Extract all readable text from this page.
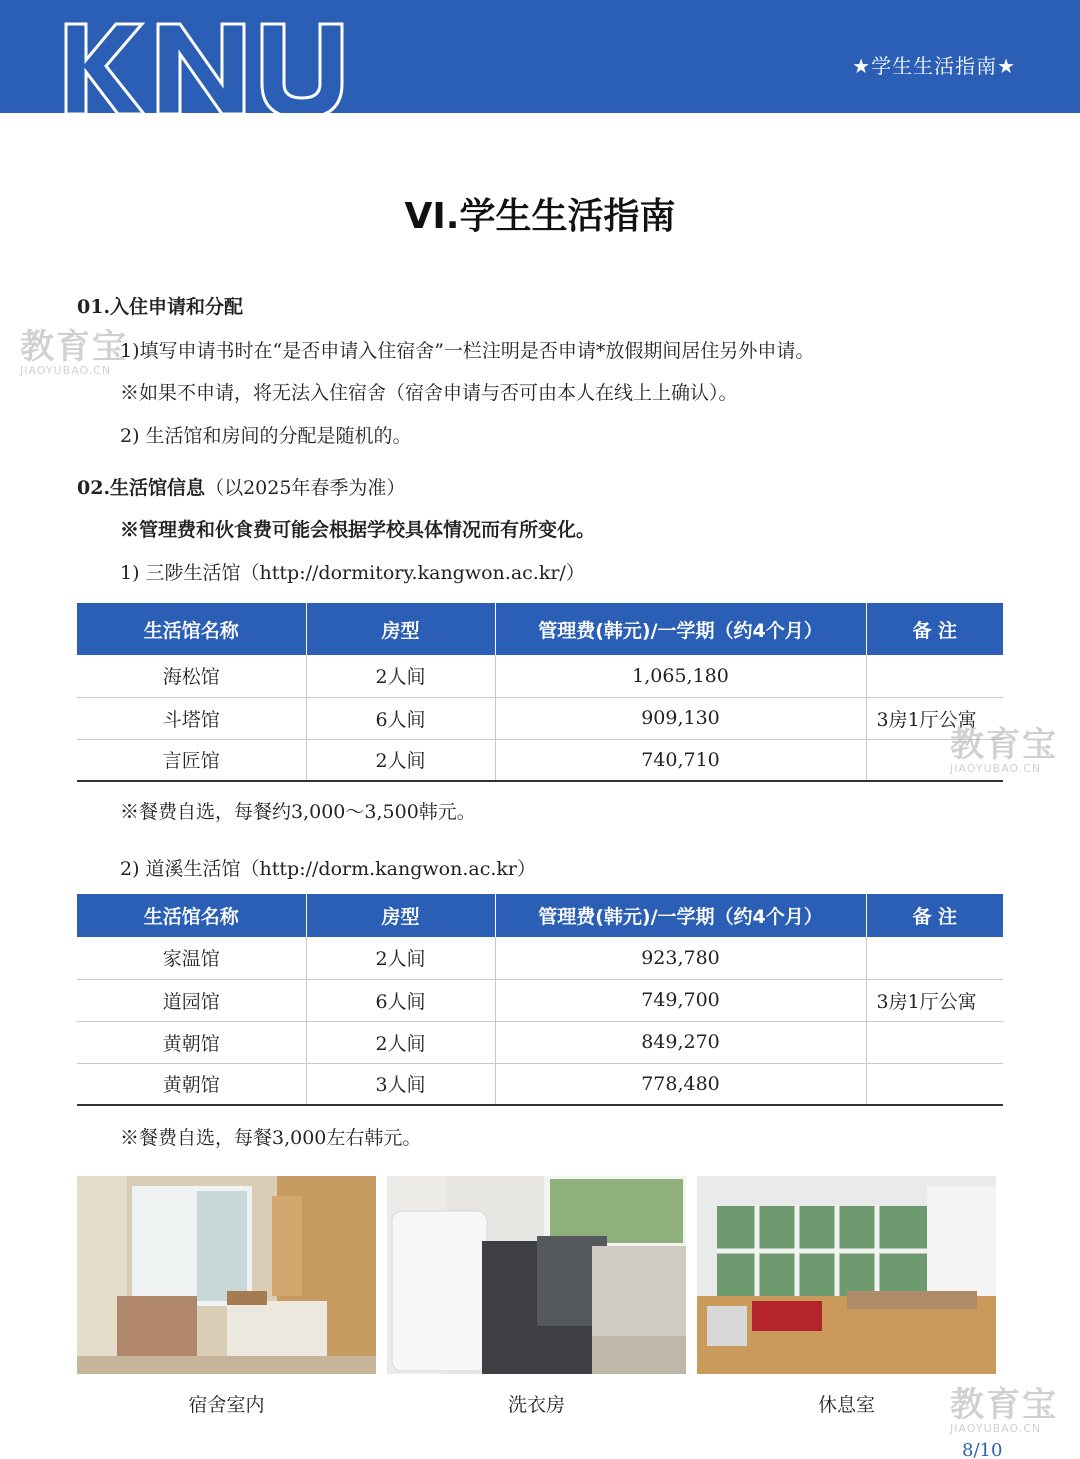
★学生生活指南★
VI.学生生活指南
01.入住申请和分配
1)填写申请书时在“是否申请入住宿舍”一栏注明是否申请*放假期间居住另外申请。
※如果不申请，将无法入住宿舍（宿舍申请与否可由本人在线上上确认）。
2) 生活馆和房间的分配是随机的。
02.生活馆信息（以2025年春季为准）
※管理费和伙食费可能会根据学校具体情况而有所变化。
1) 三陟生活馆（http://dormitory.kangwon.ac.kr/）
生活馆名称	房型	管理费(韩元)/一学期（约4个月）	备 注
海松馆	2人间	1,065,180	
斗塔馆	6人间	909,130	3房1厅公寓
言匠馆	2人间	740,710	
※餐费自选，每餐约3,000～3,500韩元。
2) 道溪生活馆（http://dorm.kangwon.ac.kr）
生活馆名称	房型	管理费(韩元)/一学期（约4个月）	备 注
家温馆	2人间	923,780	
道园馆	6人间	749,700	3房1厅公寓
黄朝馆	2人间	849,270	
黄朝馆	3人间	778,480	
※餐费自选，每餐3,000左右韩元。
宿舍室内	洗衣房	休息室
教育宝
JIAOYUBAO.CN
教育宝
JIAOYUBAO.CN
教育宝
JIAOYUBAO.CN
8/10
